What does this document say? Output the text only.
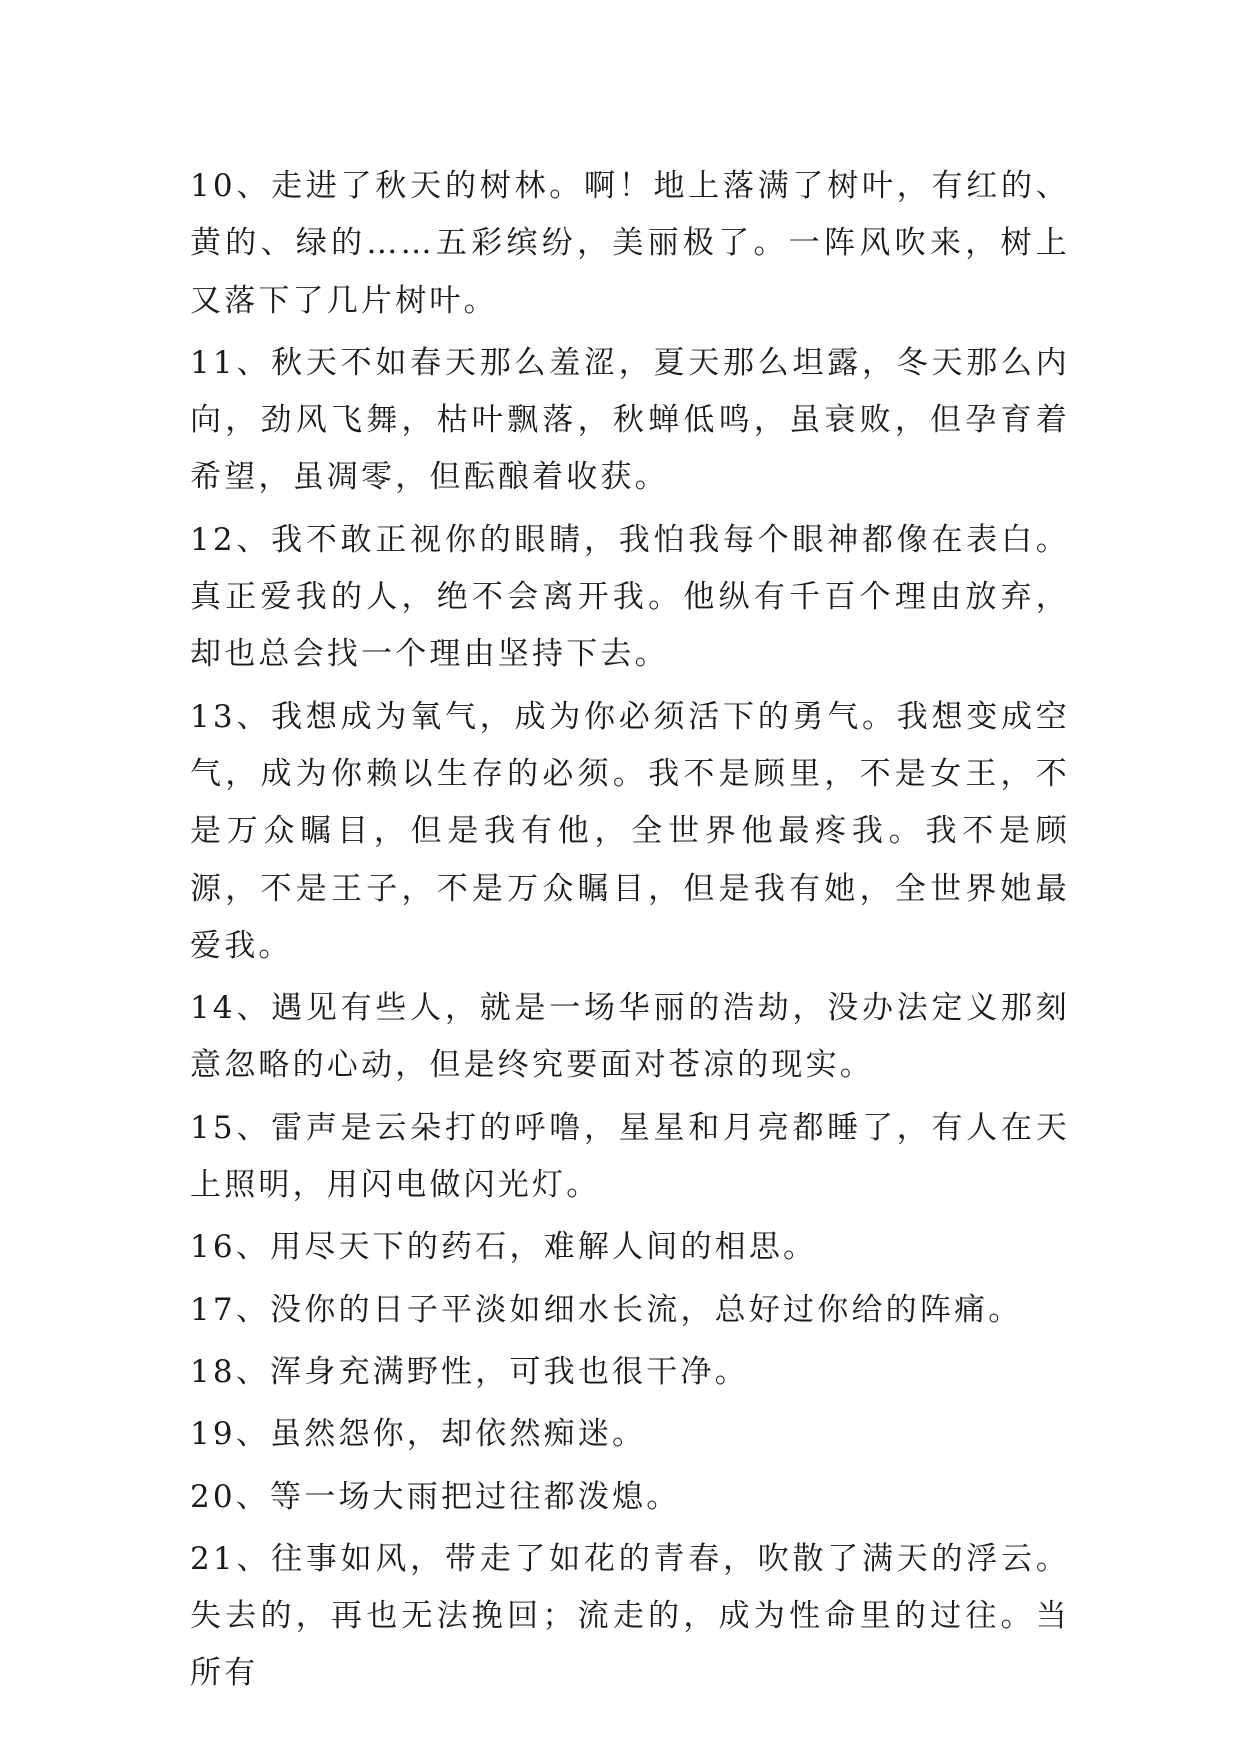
10、走进了秋天的树林。啊！地上落满了树叶，有红的、黄的、绿的……五彩缤纷，美丽极了。一阵风吹来，树上又落下了几片树叶。

11、秋天不如春天那么羞涩，夏天那么坦露，冬天那么内向，劲风飞舞，枯叶飘落，秋蝉低鸣，虽衰败，但孕育着希望，虽凋零，但酝酿着收获。

12、我不敢正视你的眼睛，我怕我每个眼神都像在表白。真正爱我的人，绝不会离开我。他纵有千百个理由放弃，却也总会找一个理由坚持下去。

13、我想成为氧气，成为你必须活下的勇气。我想变成空气，成为你赖以生存的必须。我不是顾里，不是女王，不是万众瞩目，但是我有他，全世界他最疼我。我不是顾源，不是王子，不是万众瞩目，但是我有她，全世界她最爱我。

14、遇见有些人，就是一场华丽的浩劫，没办法定义那刻意忽略的心动，但是终究要面对苍凉的现实。

15、雷声是云朵打的呼噜，星星和月亮都睡了，有人在天上照明，用闪电做闪光灯。

16、用尽天下的药石，难解人间的相思。

17、没你的日子平淡如细水长流，总好过你给的阵痛。

18、浑身充满野性，可我也很干净。

19、虽然怨你，却依然痴迷。

20、等一场大雨把过往都泼熄。

21、往事如风，带走了如花的青春，吹散了满天的浮云。失去的，再也无法挽回；流走的，成为性命里的过往。当所有
